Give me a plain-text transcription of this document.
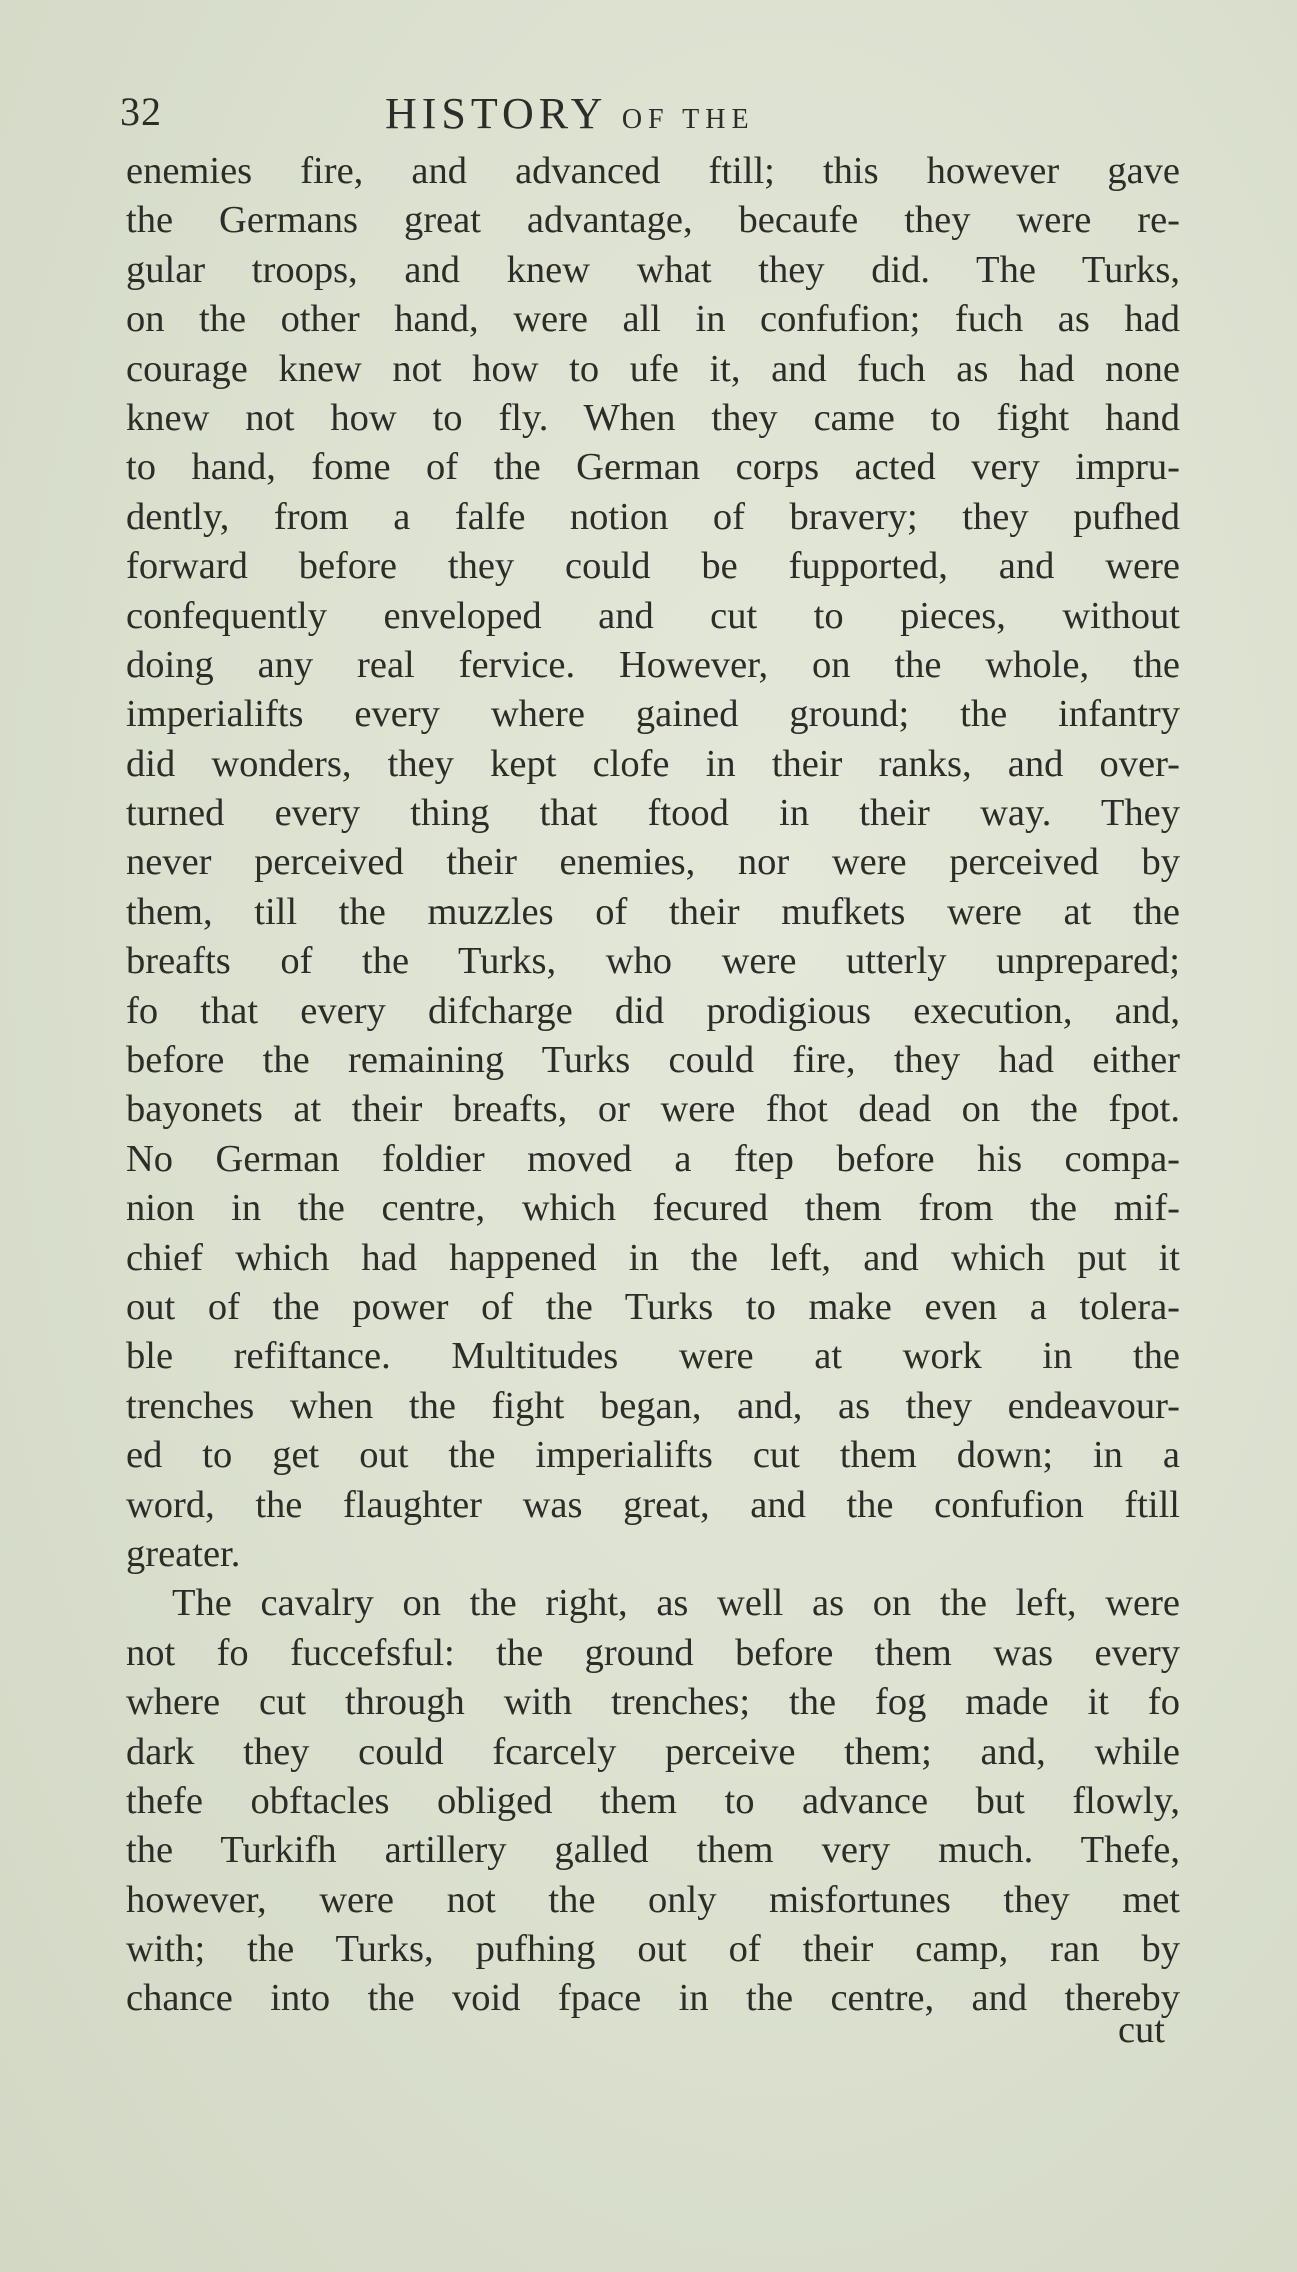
32	HISTORY OF THE
enemies fire, and advanced ftill; this however gave
the Germans great advantage, becaufe they were re-
gular troops, and knew what they did. The Turks,
on the other hand, were all in confufion; fuch as had
courage knew not how to ufe it, and fuch as had none
knew not how to fly. When they came to fight hand
to hand, fome of the German corps acted very impru-
dently, from a falfe notion of bravery; they pufhed
forward before they could be fupported, and were
confequently enveloped and cut to pieces, without
doing any real fervice. However, on the whole, the
imperialifts every where gained ground; the infantry
did wonders, they kept clofe in their ranks, and over-
turned every thing that ftood in their way. They
never perceived their enemies, nor were perceived by
them, till the muzzles of their mufkets were at the
breafts of the Turks, who were utterly unprepared;
fo that every difcharge did prodigious execution, and,
before the remaining Turks could fire, they had either
bayonets at their breafts, or were fhot dead on the fpot.
No German foldier moved a ftep before his compa-
nion in the centre, which fecured them from the mif-
chief which had happened in the left, and which put it
out of the power of the Turks to make even a tolera-
ble refiftance. Multitudes were at work in the
trenches when the fight began, and, as they endeavour-
ed to get out the imperialifts cut them down; in a
word, the flaughter was great, and the confufion ftill
greater.
The cavalry on the right, as well as on the left, were
not fo fuccefsful: the ground before them was every
where cut through with trenches; the fog made it fo
dark they could fcarcely perceive them; and, while
thefe obftacles obliged them to advance but flowly,
the Turkifh artillery galled them very much. Thefe,
however, were not the only misfortunes they met
with; the Turks, pufhing out of their camp, ran by
chance into the void fpace in the centre, and thereby
cut
